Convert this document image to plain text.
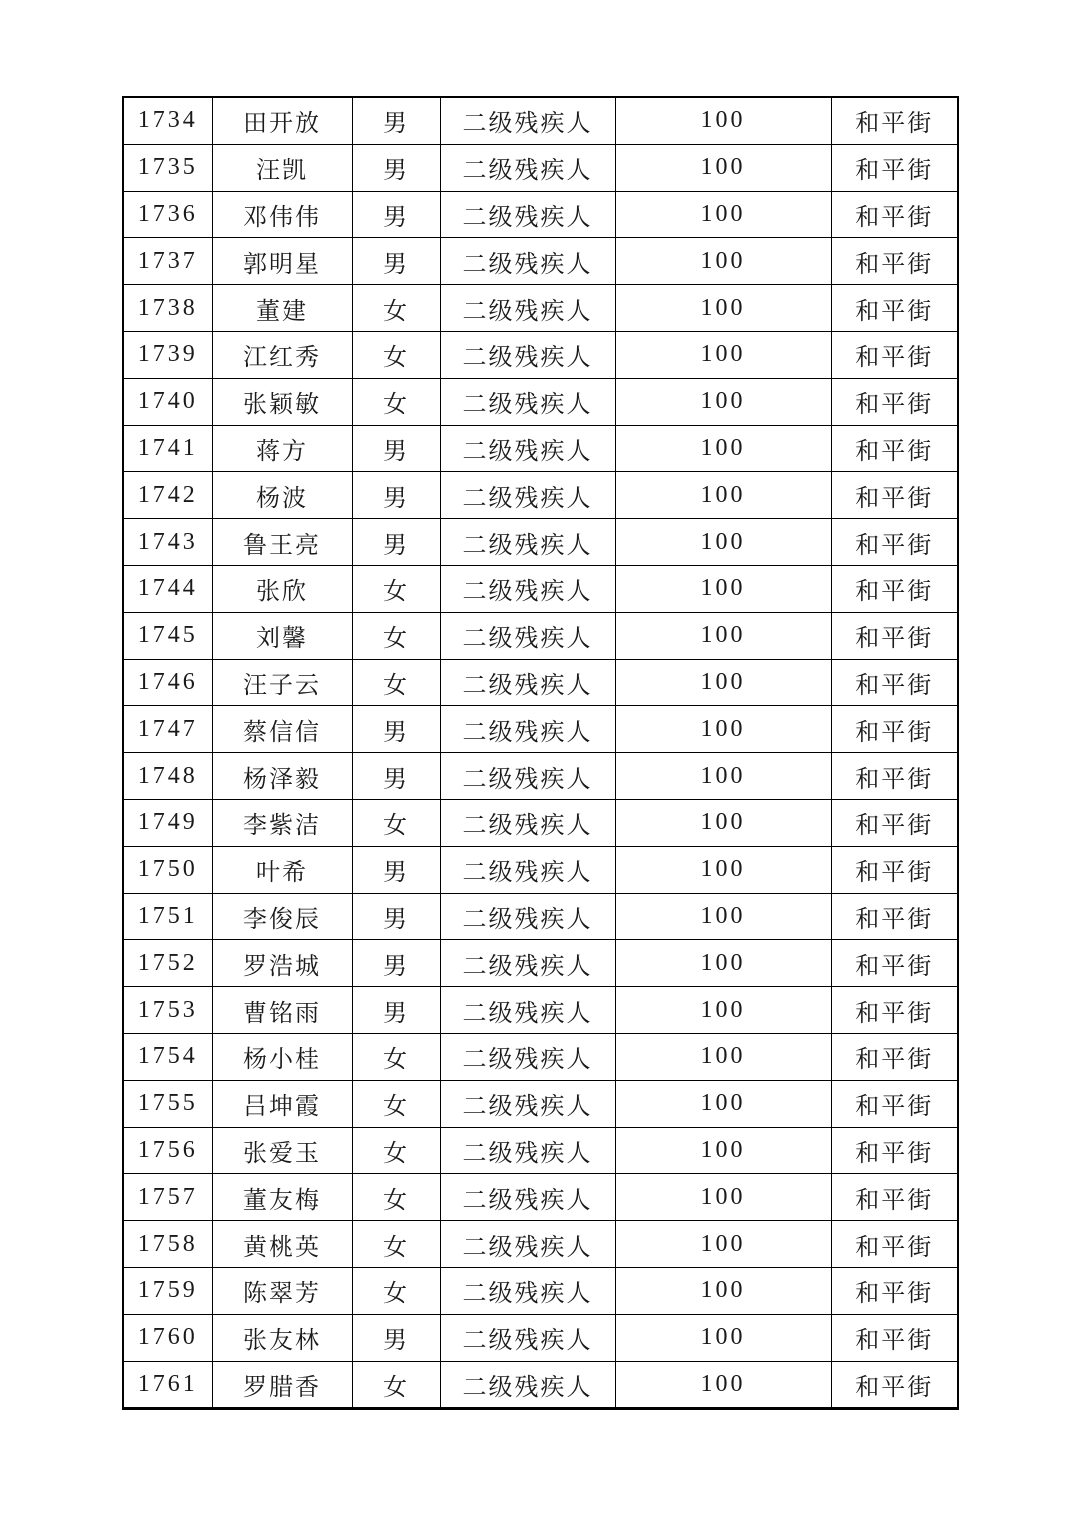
1734	田开放	男	二级残疾人	100	和平街
1735	汪凯	男	二级残疾人	100	和平街
1736	邓伟伟	男	二级残疾人	100	和平街
1737	郭明星	男	二级残疾人	100	和平街
1738	董建	女	二级残疾人	100	和平街
1739	江红秀	女	二级残疾人	100	和平街
1740	张颖敏	女	二级残疾人	100	和平街
1741	蒋方	男	二级残疾人	100	和平街
1742	杨波	男	二级残疾人	100	和平街
1743	鲁王亮	男	二级残疾人	100	和平街
1744	张欣	女	二级残疾人	100	和平街
1745	刘馨	女	二级残疾人	100	和平街
1746	汪子云	女	二级残疾人	100	和平街
1747	蔡信信	男	二级残疾人	100	和平街
1748	杨泽毅	男	二级残疾人	100	和平街
1749	李紫洁	女	二级残疾人	100	和平街
1750	叶希	男	二级残疾人	100	和平街
1751	李俊辰	男	二级残疾人	100	和平街
1752	罗浩城	男	二级残疾人	100	和平街
1753	曹铭雨	男	二级残疾人	100	和平街
1754	杨小桂	女	二级残疾人	100	和平街
1755	吕坤霞	女	二级残疾人	100	和平街
1756	张爱玉	女	二级残疾人	100	和平街
1757	董友梅	女	二级残疾人	100	和平街
1758	黄桃英	女	二级残疾人	100	和平街
1759	陈翠芳	女	二级残疾人	100	和平街
1760	张友林	男	二级残疾人	100	和平街
1761	罗腊香	女	二级残疾人	100	和平街
